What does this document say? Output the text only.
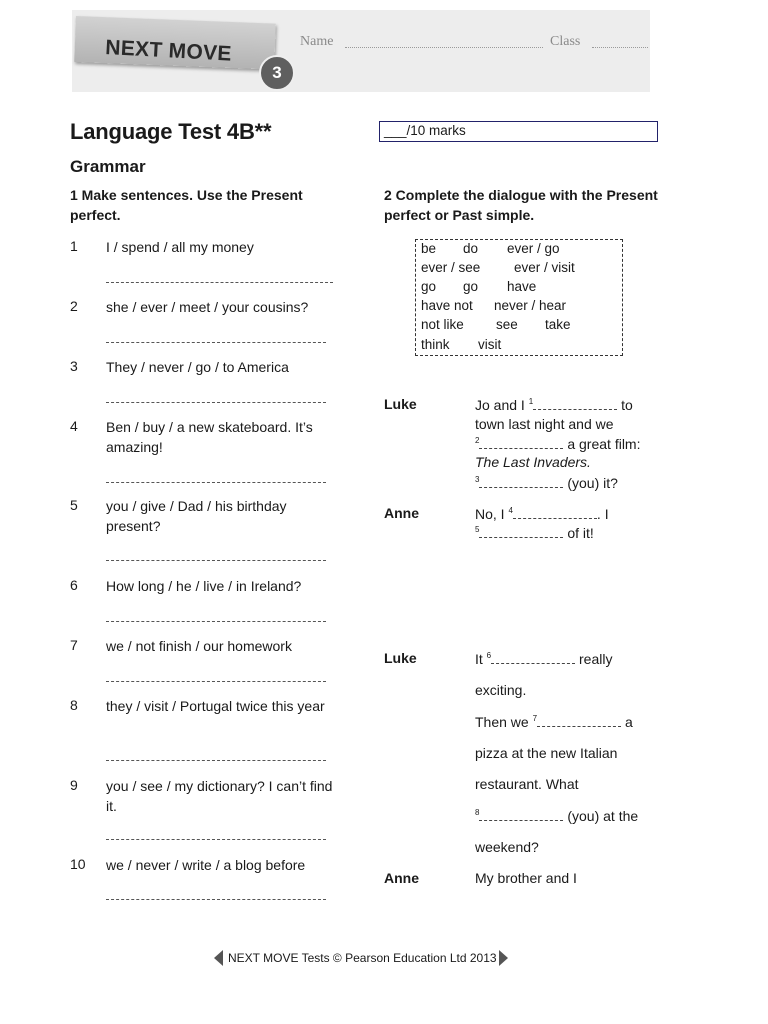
NEXT MOVE
3
Name	Class
Language Test 4B**	___/10 marks
Grammar
1 Make sentences. Use the Present perfect.
1 I / spend / all my money
2 she / ever / meet / your cousins?
3 They / never / go / to America
4 Ben / buy / a new skateboard. It’s amazing!
5 you / give / Dad / his birthday present?
6 How long / he / live / in Ireland?
7 we / not finish / our homework
8 they / visit / Portugal twice this year
9 you / see / my dictionary? I can’t find it.
10 we / never / write / a blog before
2 Complete the dialogue with the Present perfect or Past simple.
be do ever / go
ever / see ever / visit
go go have
have not never / hear
not like see take
think visit
Luke	Jo and I $^1$	to
town last night and we
$^2$	a great film:
The Last Invaders.
$^3$	(you) it?
Anne	No, I $^4$	. I
$^5$	of it!
Luke	It $^6$	really
exciting.
Then we $^7$	a
pizza at the new Italian
restaurant. What
$^8$	(you) at the
weekend?
Anne	My brother and I
NEXT MOVE Tests © Pearson Education Ltd 2013
